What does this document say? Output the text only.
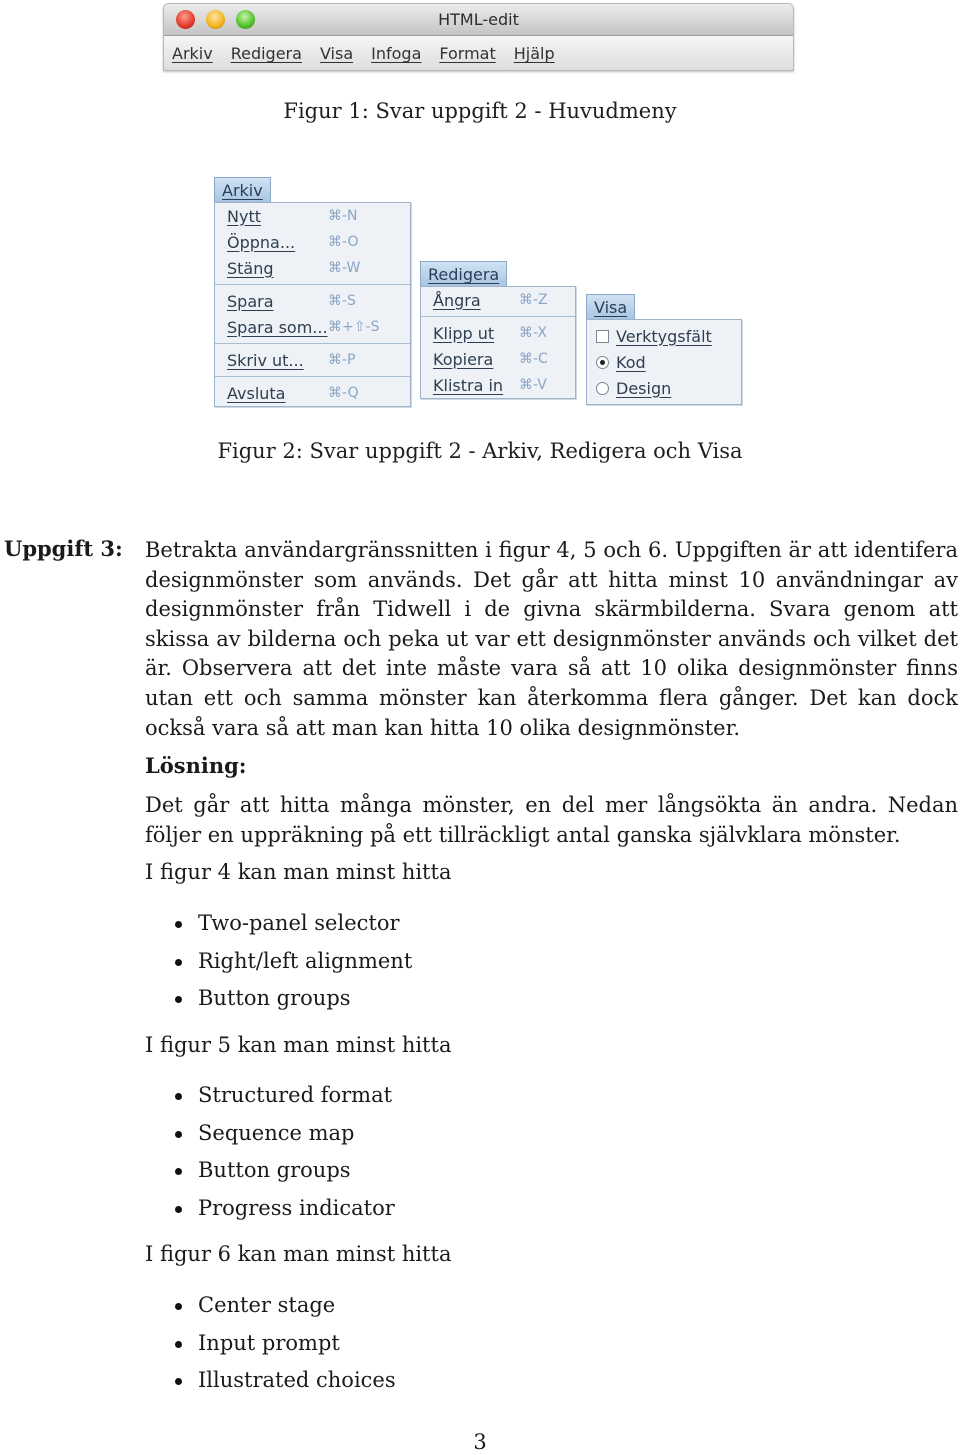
HTML-edit
Arkiv Redigera Visa Infoga Format Hjälp
Figur 1: Svar uppgift 2 - Huvudmeny
Arkiv
Nytt	⌘-N
Öppna...	⌘-O
Stäng	⌘-W
Spara	⌘-S
Spara som... ⌘+⇧-S
Skriv ut...	⌘-P
Avsluta	⌘-Q
Redigera
Ångra	⌘-Z
Klipp ut	⌘-X
Kopiera	⌘-C
Klistra in	⌘-V
Visa
Verktygsfält
Kod
Design
Figur 2: Svar uppgift 2 - Arkiv, Redigera och Visa
Uppgift 3: Betrakta användargränssnitten i figur 4, 5 och 6. Uppgiften är att identifera designmönster som används. Det går att hitta minst 10 användningar av designmönster från Tidwell i de givna skärmbilderna. Svara genom att skissa av bilderna och peka ut var ett designmönster används och vilket det är. Observera att det inte måste vara så att 10 olika designmönster finns utan ett och samma mönster kan återkomma flera gånger. Det kan dock också vara så att man kan hitta 10 olika designmönster.
Lösning:
Det går att hitta många mönster, en del mer långsökta än andra. Nedan följer en uppräkning på ett tillräckligt antal ganska självklara mönster.
I figur 4 kan man minst hitta
Two-panel selector
Right/left alignment
Button groups
I figur 5 kan man minst hitta
Structured format
Sequence map
Button groups
Progress indicator
I figur 6 kan man minst hitta
Center stage
Input prompt
Illustrated choices
3
